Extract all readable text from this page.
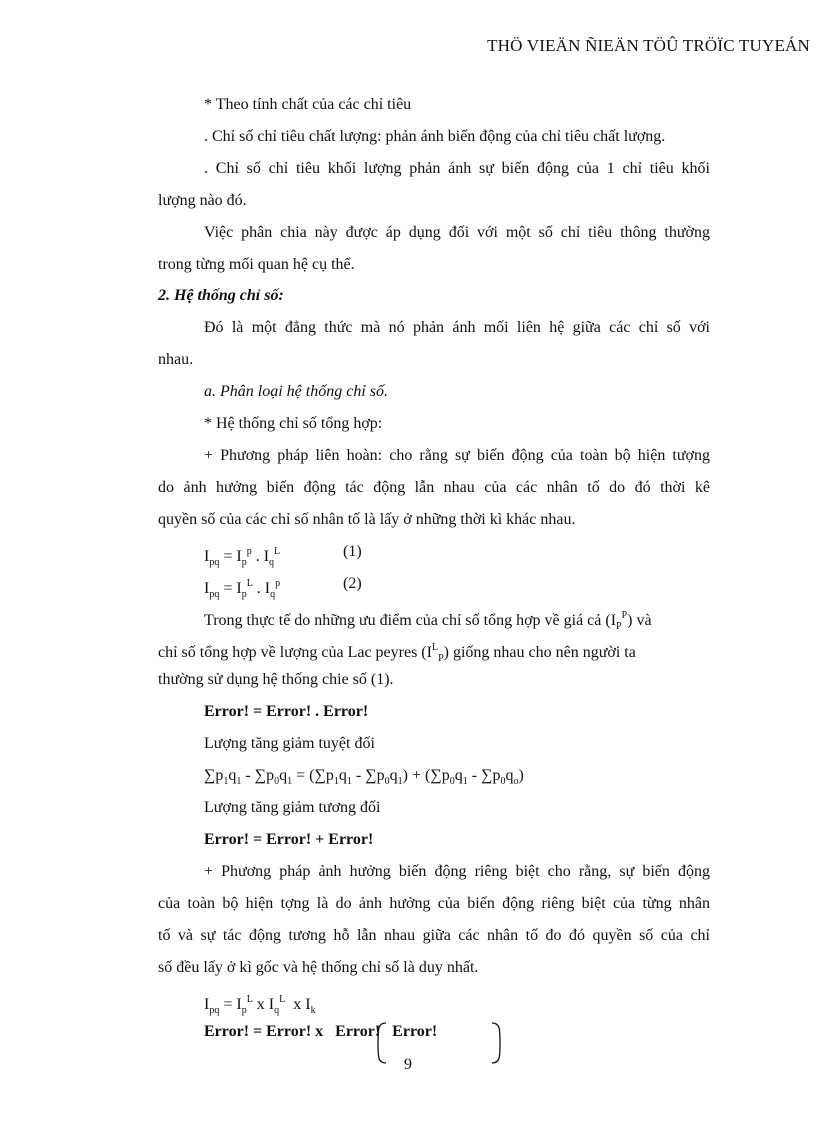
THÖ VIEÄN ÑIEÄN TÖÛ TRÖÏC TUYEÁN
* Theo tính chất của các chỉ tiêu
. Chỉ số chỉ tiêu chất lượng: phản ánh biến động của chỉ tiêu chất lượng.
. Chỉ số chỉ tiêu khối lượng phản ánh sự biến động của 1 chỉ tiêu khối
lượng nào đó.
Việc phân chia này được áp dụng đối với một số chỉ tiêu thông thường
trong từng mối quan hệ cụ thể.
2. Hệ thống chỉ số:
Đó là một đẳng thức mà nó phản ánh mối liên hệ giữa các chỉ số với
nhau.
a. Phân loại hệ thống chỉ số.
* Hệ thống chỉ số tổng hợp:
+ Phương pháp liên hoàn: cho rằng sự biến động của toàn bộ hiện tượng
do ảnh hưởng biến động tác động lẫn nhau của các nhân tố do đó thời kê
quyền số của các chỉ số nhân tố là lấy ở những thời kì khác nhau.
$I_{pq} = I_p^p$ . $I_q^L$	(1)
$I_{pq} = I_p^L$ . $I_q^p$	(2)
Trong thực tế do những ưu điểm của chỉ số tổng hợp về giá cả $(I_P^P)$ và
chỉ số tổng hợp về lượng của Lac peyres $(I^L_P)$ giống nhau cho nên người ta
thường sử dụng hệ thống chie số (1).
Error! = Error! . Error!
Lượng tăng giảm tuyệt đối
$\sum p_1q_1 - \sum p_0q_1 = (\sum p_1q_1 - \sum p_0q_1) + (\sum p_0q_1 - \sum p_0q_o)$
Lượng tăng giảm tương đối
Error! = Error! + Error!
+ Phương pháp ảnh hưởng biến động riêng biệt cho rằng, sự biến động
của toàn bộ hiện tợng là do ảnh hưởng của biến động riêng biệt của từng nhân
tố và sự tác động tương hỗ lẫn nhau giữa các nhân tố đo đó quyền số của chỉ
số đều lấy ở kì gốc và hệ thống chỉ số là duy nhất.
$I_{pq} = I_p^L$ x $I_q^L$  x $I_k$
Error! = Error! x Error! Error!
9
